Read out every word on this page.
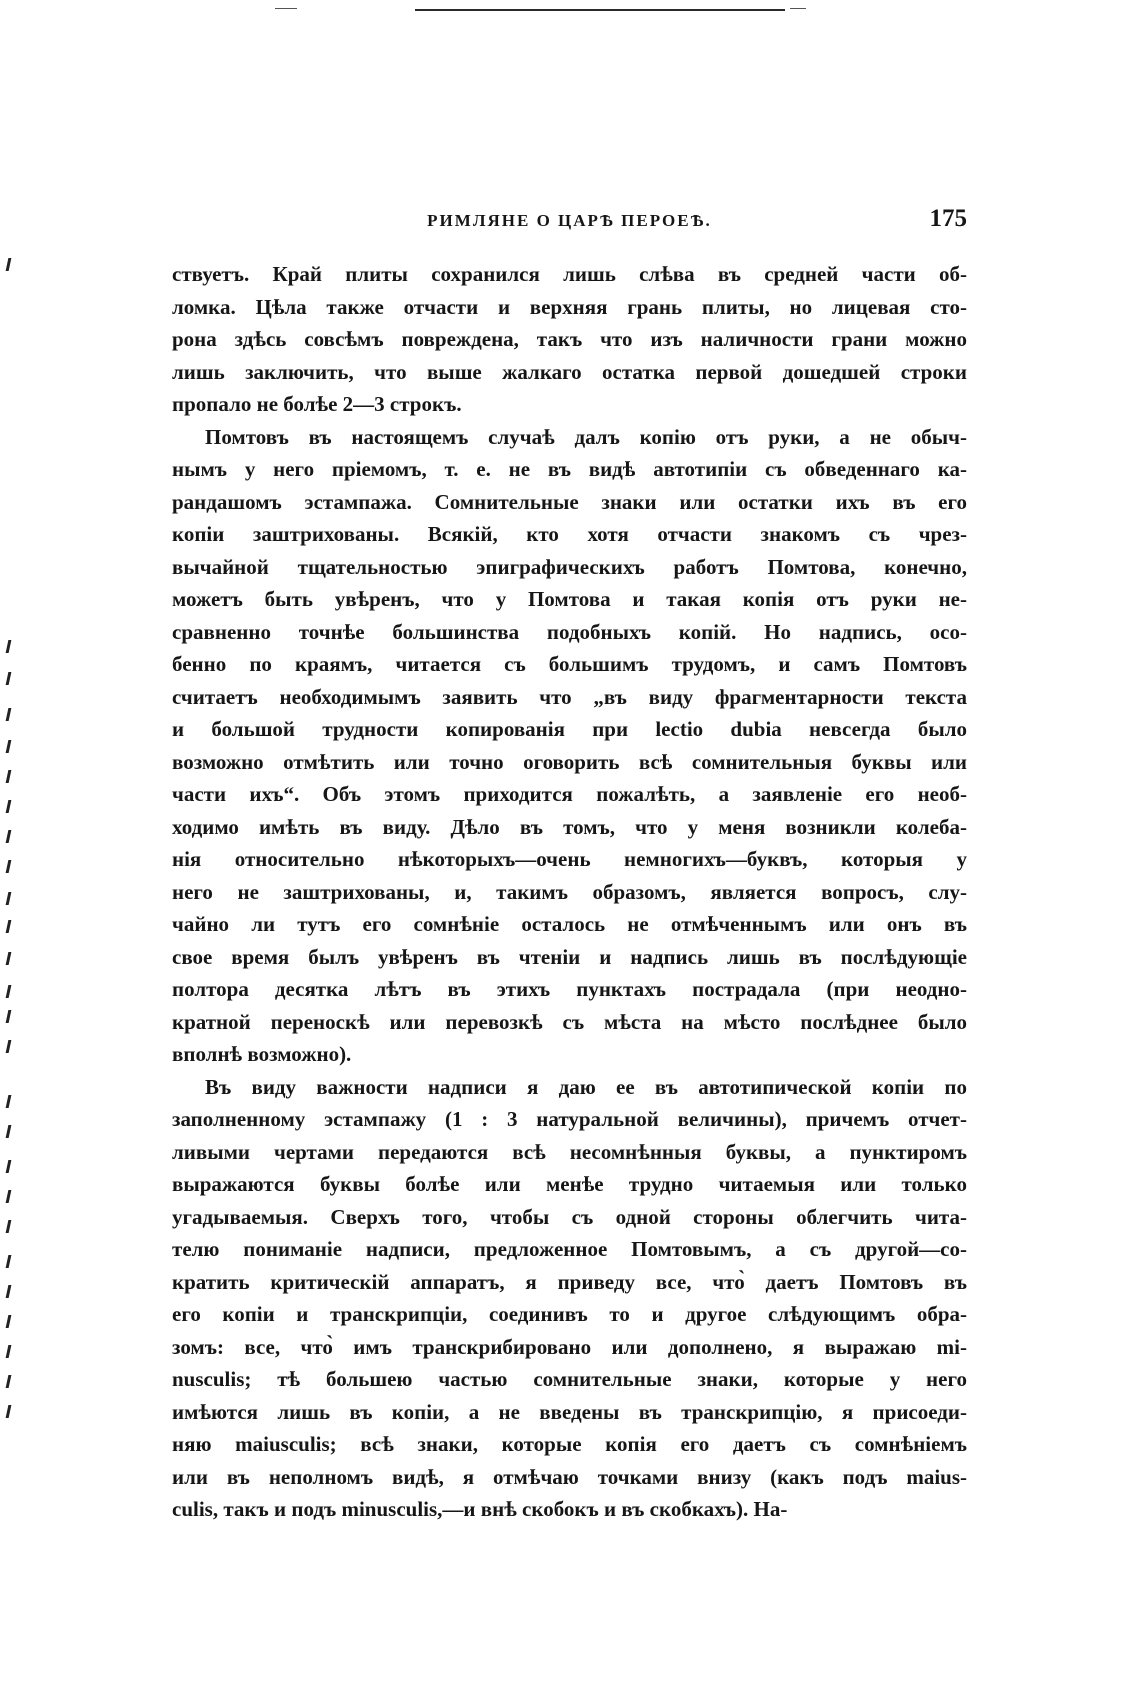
РИМЛЯНЕ О ЦАРѢ ПЕРОЕѢ.	175
ствуетъ. Край плиты сохранился лишь слѣва въ средней части об-
ломка. Цѣла также отчасти и верхняя грань плиты, но лицевая сто-
рона здѣсь совсѣмъ повреждена, такъ что изъ наличности грани можно
лишь заключить, что выше жалкаго остатка первой дошедшей строки
пропало не болѣе 2—3 строкъ.
Помтовъ въ настоящемъ случаѣ далъ копію отъ руки, а не обыч-
нымъ у него пріемомъ, т. е. не въ видѣ автотипіи съ обведеннаго ка-
рандашомъ эстампажа. Сомнительные знаки или остатки ихъ въ его
копіи заштрихованы. Всякій, кто хотя отчасти знакомъ съ чрез-
вычайной тщательностью эпиграфическихъ работъ Помтова, конечно,
можетъ быть увѣренъ, что у Помтова и такая копія отъ руки не-
сравненно точнѣе большинства подобныхъ копій. Но надпись, осо-
бенно по краямъ, читается съ большимъ трудомъ, и самъ Помтовъ
считаетъ необходимымъ заявить что „въ виду фрагментарности текста
и большой трудности копированія при lectio dubia невсегда было
возможно отмѣтить или точно оговорить всѣ сомнительныя буквы или
части ихъ“. Объ этомъ приходится пожалѣть, а заявленіе его необ-
ходимо имѣть въ виду. Дѣло въ томъ, что у меня возникли колеба-
нія относительно нѣкоторыхъ—очень немногихъ—буквъ, которыя у
него не заштрихованы, и, такимъ образомъ, является вопросъ, слу-
чайно ли тутъ его сомнѣніе осталось не отмѣченнымъ или онъ въ
свое время былъ увѣренъ въ чтеніи и надпись лишь въ послѣдующіе
полтора десятка лѣтъ въ этихъ пунктахъ пострадала (при неодно-
кратной переноскѣ или перевозкѣ съ мѣста на мѣсто послѣднее было
вполнѣ возможно).
Въ виду важности надписи я даю ее въ автотипической копіи по
заполненному эстампажу (1 : 3 натуральной величины), причемъ отчет-
ливыми чертами передаются всѣ несомнѣнныя буквы, а пунктиромъ
выражаются буквы болѣе или менѣе трудно читаемыя или только
угадываемыя. Сверхъ того, чтобы съ одной стороны облегчить чита-
телю пониманіе надписи, предложенное Помтовымъ, а съ другой—со-
кратить критическій аппаратъ, я приведу все, что̀ даетъ Помтовъ въ
его копіи и транскрипціи, соединивъ то и другое слѣдующимъ обра-
зомъ: все, что̀ имъ транскрибировано или дополнено, я выражаю mi-
nusculis; тѣ большею частью сомнительные знаки, которые у него
имѣются лишь въ копіи, а не введены въ транскрипцію, я присоеди-
няю maiusculis; всѣ знаки, которые копія его даетъ съ сомнѣніемъ
или въ неполномъ видѣ, я отмѣчаю точками внизу (какъ подъ maius-
culis, такъ и подъ minusculis,—и внѣ скобокъ и въ скобкахъ). На-
